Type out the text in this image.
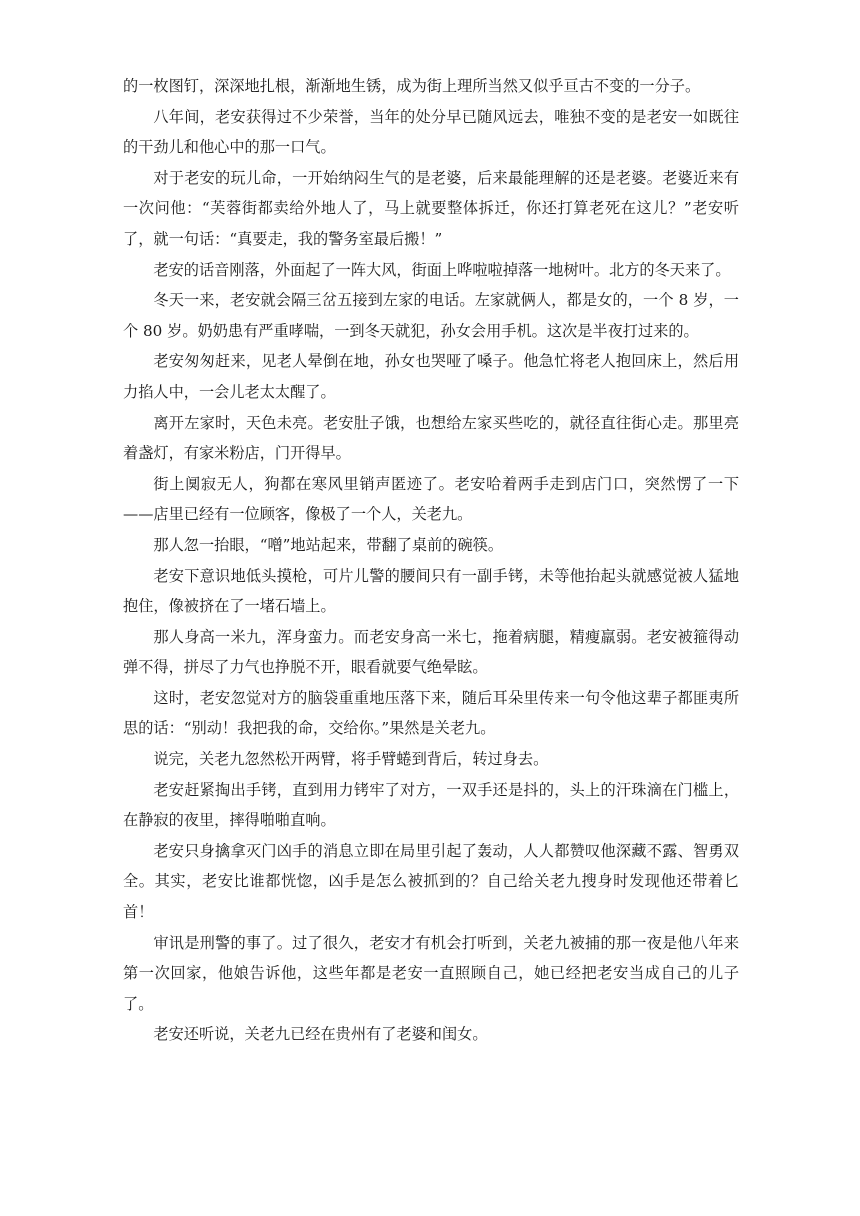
的一枚图钉，深深地扎根，渐渐地生锈，成为街上理所当然又似乎亘古不变的一分子。

八年间，老安获得过不少荣誉，当年的处分早已随风远去，唯独不变的是老安一如既往的干劲儿和他心中的那一口气。

对于老安的玩儿命，一开始纳闷生气的是老婆，后来最能理解的还是老婆。老婆近来有一次问他：“芙蓉街都卖给外地人了，马上就要整体拆迁，你还打算老死在这儿？”老安听了，就一句话：“真要走，我的警务室最后搬！”

老安的话音刚落，外面起了一阵大风，街面上哗啦啦掉落一地树叶。北方的冬天来了。

冬天一来，老安就会隔三岔五接到左家的电话。左家就俩人，都是女的，一个 8 岁，一个 80 岁。奶奶患有严重哮喘，一到冬天就犯，孙女会用手机。这次是半夜打过来的。

老安匆匆赶来，见老人晕倒在地，孙女也哭哑了嗓子。他急忙将老人抱回床上，然后用力掐人中，一会儿老太太醒了。

离开左家时，天色未亮。老安肚子饿，也想给左家买些吃的，就径直往街心走。那里亮着盏灯，有家米粉店，门开得早。

街上阒寂无人，狗都在寒风里销声匿迹了。老安哈着两手走到店门口，突然愣了一下——店里已经有一位顾客，像极了一个人，关老九。

那人忽一抬眼，“噌”地站起来，带翻了桌前的碗筷。

老安下意识地低头摸枪，可片儿警的腰间只有一副手铐，未等他抬起头就感觉被人猛地抱住，像被挤在了一堵石墙上。

那人身高一米九，浑身蛮力。而老安身高一米七，拖着病腿，精瘦羸弱。老安被箍得动弹不得，拼尽了力气也挣脱不开，眼看就要气绝晕眩。

这时，老安忽觉对方的脑袋重重地压落下来，随后耳朵里传来一句令他这辈子都匪夷所思的话：“别动！我把我的命，交给你。”果然是关老九。

说完，关老九忽然松开两臂，将手臂蜷到背后，转过身去。

老安赶紧掏出手铐，直到用力铐牢了对方，一双手还是抖的，头上的汗珠滴在门槛上，在静寂的夜里，摔得啪啪直响。

老安只身擒拿灭门凶手的消息立即在局里引起了轰动，人人都赞叹他深藏不露、智勇双全。其实，老安比谁都恍惚，凶手是怎么被抓到的？自己给关老九搜身时发现他还带着匕首！

审讯是刑警的事了。过了很久，老安才有机会打听到，关老九被捕的那一夜是他八年来第一次回家，他娘告诉他，这些年都是老安一直照顾自己，她已经把老安当成自己的儿子了。

老安还听说，关老九已经在贵州有了老婆和闺女。
